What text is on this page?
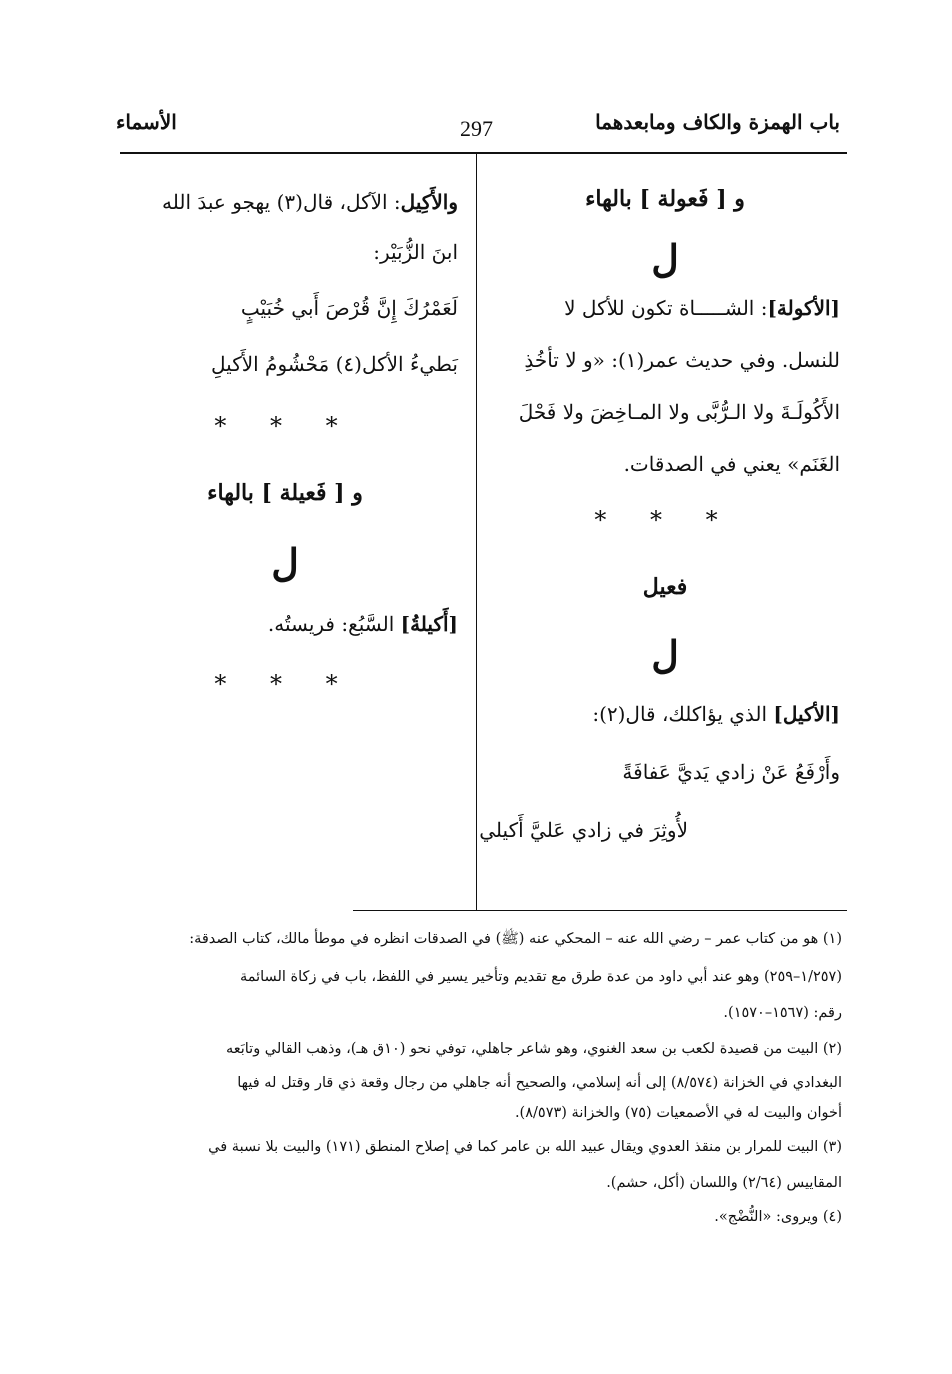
باب الهمزة والكاف ومابعدهما
297
الأسماء
و [ فَعولة ] بالهاء
ل
[الأكولة]: الشـــــاة تكون للأكل لا
للنسل. وفي حديث عمر(١): «و لا تأخُذِ
الأَكُولَـةَ ولا الـرُّبَّى ولا المـاخِضَ ولا فَحْلَ
الغَنَم» يعني في الصدقات.
* * *
فعيل
ل
[الأكيل] الذي يؤاكلك، قال(٢):
وأَرْفَعُ عَنْ زادي يَديَّ عَفافَةً
لأُوثِرَ في زادي عَليَّ أَكيلي
والأَكِيل: الآكل، قال(٣) يهجو عبدَ الله
ابنَ الزُّبَيْر:
لَعَمْرُكَ إِنَّ قُرْصَ أَبي خُبَيْبٍ
بَطيءُ الأكل(٤) مَحْشُومُ الأَكيلِ
* * *
و [ فَعيلة ] بالهاء
ل
[أَكيلةُ] السَّبُع: فريستُه.
* * *
(١) هو من كتاب عمر – رضي الله عنه – المحكي عنه (ﷺ) في الصدقات انظره في موطأ مالك، كتاب الصدقة:
(١/٢٥٧–٢٥٩) وهو عند أبي داود من عدة طرق مع تقديم وتأخير يسير في اللفظ، باب في زكاة السائمة
رقم: (١٥٦٧–١٥٧٠).
(٢) البيت من قصيدة لكعب بن سعد الغنوي، وهو شاعر جاهلي، توفي نحو (١٠ق هـ)، وذهب القالي وتابَعه
البغدادي في الخزانة (٨/٥٧٤) إلى أنه إسلامي، والصحيح أنه جاهلي من رجال وقعة ذي قار وقتل له فيها
أخوان والبيت له في الأصمعيات (٧٥) والخزانة (٨/٥٧٣).
(٣) البيت للمرار بن منقذ العدوي ويقال عبيد الله بن عامر كما في إصلاح المنطق (١٧١) والبيت بلا نسبة في
المقاييس (٢/٦٤) واللسان (أكل، حشم).
(٤) ويروى: «النُّضْج».
